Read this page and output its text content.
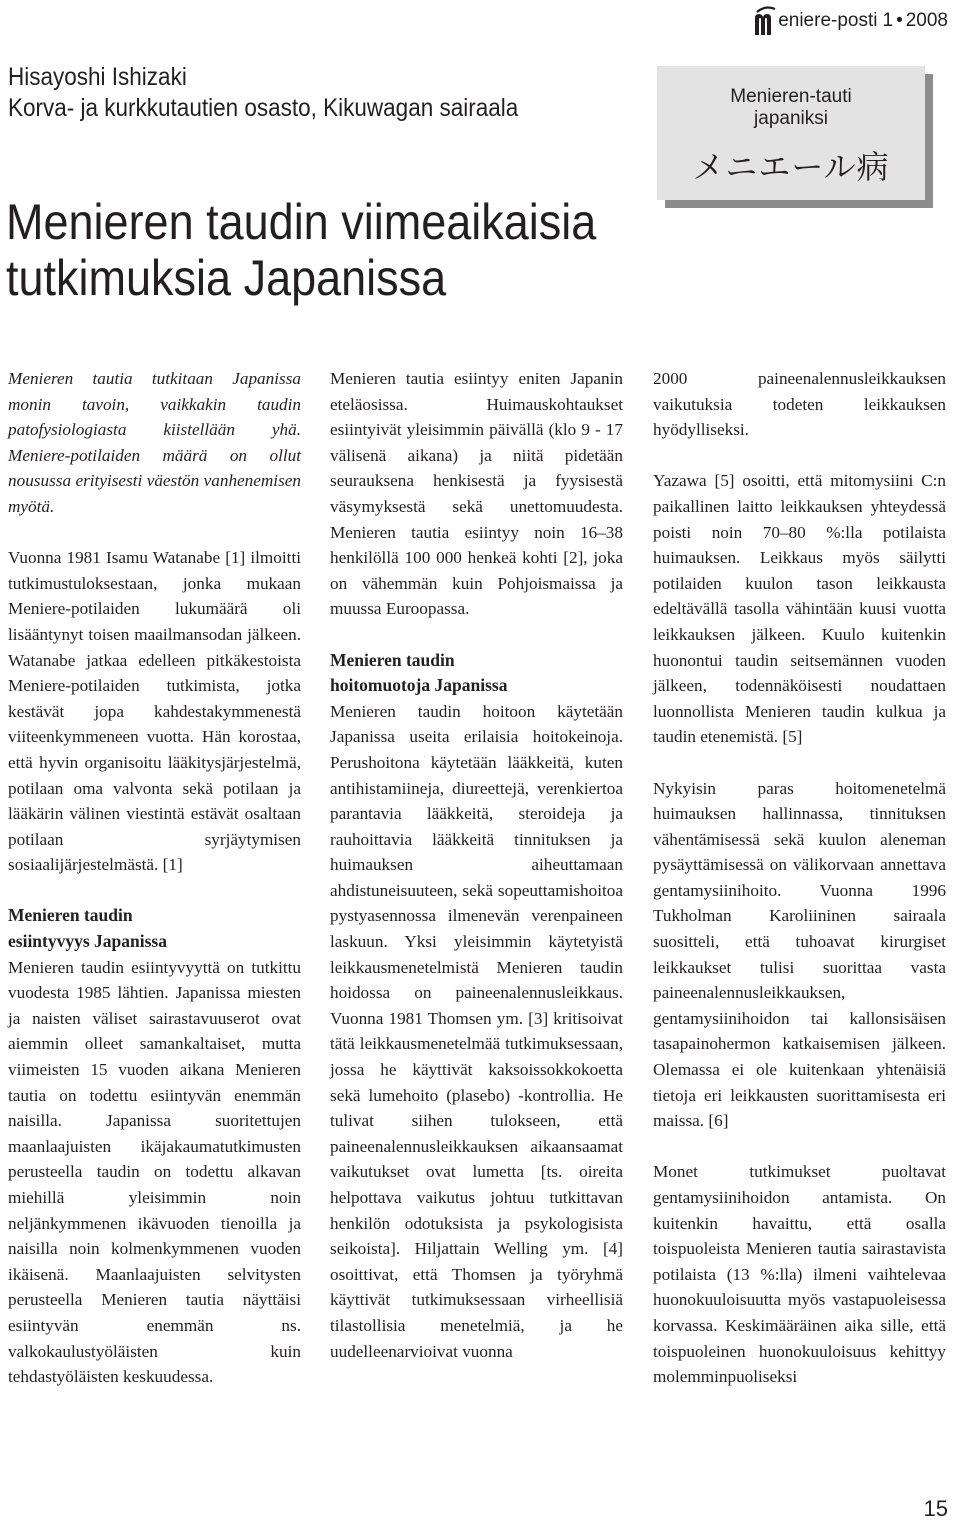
eniere-posti 1 • 2008
Hisayoshi Ishizaki
Korva- ja kurkkutautien osasto, Kikuwagan sairaala
Menieren taudin viimeaikaisia
tutkimuksia Japanissa
Menieren-tauti
japaniksi
メニエール病

Menieren tautia tutkitaan Japanissa monin tavoin, vaikkakin taudin patofysiologiasta kiistellään yhä. Meniere-potilaiden määrä on ollut nousussa erityisesti väestön vanhenemisen myötä.

Vuonna 1981 Isamu Watanabe [1] ilmoitti tutkimustuloksestaan, jonka mukaan Meniere-potilaiden lukumäärä oli lisääntynyt toisen maailmansodan jälkeen. Watanabe jatkaa edelleen pitkäkestoista Meniere-potilaiden tutkimista, jotka kestävät jopa kahdestakymmenestä viiteenkymmeneen vuotta. Hän korostaa, että hyvin organisoitu lääkitysjärjestelmä, potilaan oma valvonta sekä potilaan ja lääkärin välinen viestintä estävät osaltaan potilaan syrjäytymisen sosiaalijärjestelmästä. [1]

Menieren taudin
esiintyvyys Japanissa

Menieren taudin esiintyvyyttä on tutkittu vuodesta 1985 lähtien. Japanissa miesten ja naisten väliset sairastavuuserot ovat aiemmin olleet samankaltaiset, mutta viimeisten 15 vuoden aikana Menieren tautia on todettu esiintyvän enemmän naisilla. Japanissa suoritettujen maanlaajuisten ikäjakaumatutkimusten perusteella taudin on todettu alkavan miehillä yleisimmin noin neljänkymmenen ikävuoden tienoilla ja naisilla noin kolmenkymmenen vuoden ikäisenä. Maanlaajuisten selvitysten perusteella Menieren tautia näyttäisi esiintyvän enemmän ns. valkokaulustyöläisten kuin tehdastyöläisten keskuudessa.

Menieren tautia esiintyy eniten Japanin eteläosissa. Huimauskohtaukset esiintyivät yleisimmin päivällä (klo 9 - 17 välisenä aikana) ja niitä pidetään seurauksena henkisestä ja fyysisestä väsymyksestä sekä unettomuudesta. Menieren tautia esiintyy noin 16–38 henkilöllä 100 000 henkeä kohti [2], joka on vähemmän kuin Pohjoismaissa ja muussa Euroopassa.

Menieren taudin
hoitomuotoja Japanissa

Menieren taudin hoitoon käytetään Japanissa useita erilaisia hoitokeinoja. Perushoitona käytetään lääkkeitä, kuten antihistamiineja, diureettejä, verenkiertoa parantavia lääkkeitä, steroideja ja rauhoittavia lääkkeitä tinnituksen ja huimauksen aiheuttamaan ahdistuneisuuteen, sekä sopeuttamishoitoa pystyasennossa ilmenevän verenpaineen laskuun. Yksi yleisimmin käytetyistä leikkausmenetelmistä Menieren taudin hoidossa on paineenalennusleikkaus. Vuonna 1981 Thomsen ym. [3] kritisoivat tätä leikkausmenetelmää tutkimuksessaan, jossa he käyttivät kaksoissokkokoetta sekä lumehoito (plasebo) -kontrollia. He tulivat siihen tulokseen, että paineenalennusleikkauksen aikaansaamat vaikutukset ovat lumetta [ts. oireita helpottava vaikutus johtuu tutkittavan henkilön odotuksista ja psykologisista seikoista]. Hiljattain Welling ym. [4] osoittivat, että Thomsen ja työryhmä käyttivät tutkimuksessaan virheellisiä tilastollisia menetelmiä, ja he uudelleenarvioivat vuonna

2000 paineenalennusleikkauksen vaikutuksia todeten leikkauksen hyödylliseksi.

Yazawa [5] osoitti, että mitomysiini C:n paikallinen laitto leikkauksen yhteydessä poisti noin 70–80 %:lla potilaista huimauksen. Leikkaus myös säilytti potilaiden kuulon tason leikkausta edeltävällä tasolla vähintään kuusi vuotta leikkauksen jälkeen. Kuulo kuitenkin huonontui taudin seitsemännen vuoden jälkeen, todennäköisesti noudattaen luonnollista Menieren taudin kulkua ja taudin etenemistä. [5]

Nykyisin paras hoitomenetelmä huimauksen hallinnassa, tinnituksen vähentämisessä sekä kuulon aleneman pysäyttämisessä on välikorvaan annettava gentamysiinihoito. Vuonna 1996 Tukholman Karoliininen sairaala suositteli, että tuhoavat kirurgiset leikkaukset tulisi suorittaa vasta paineenalennusleikkauksen, gentamysiinihoidon tai kallonsisäisen tasapainohermon katkaisemisen jälkeen. Olemassa ei ole kuitenkaan yhtenäisiä tietoja eri leikkausten suorittamisesta eri maissa. [6]

Monet tutkimukset puoltavat gentamysiinihoidon antamista. On kuitenkin havaittu, että osalla toispuoleista Menieren tautia sairastavista potilaista (13 %:lla) ilmeni vaihtelevaa huonokuuloisuutta myös vastapuoleisessa korvassa. Keskimääräinen aika sille, että toispuoleinen huonokuuloisuus kehittyy molemminpuoliseksi

15
